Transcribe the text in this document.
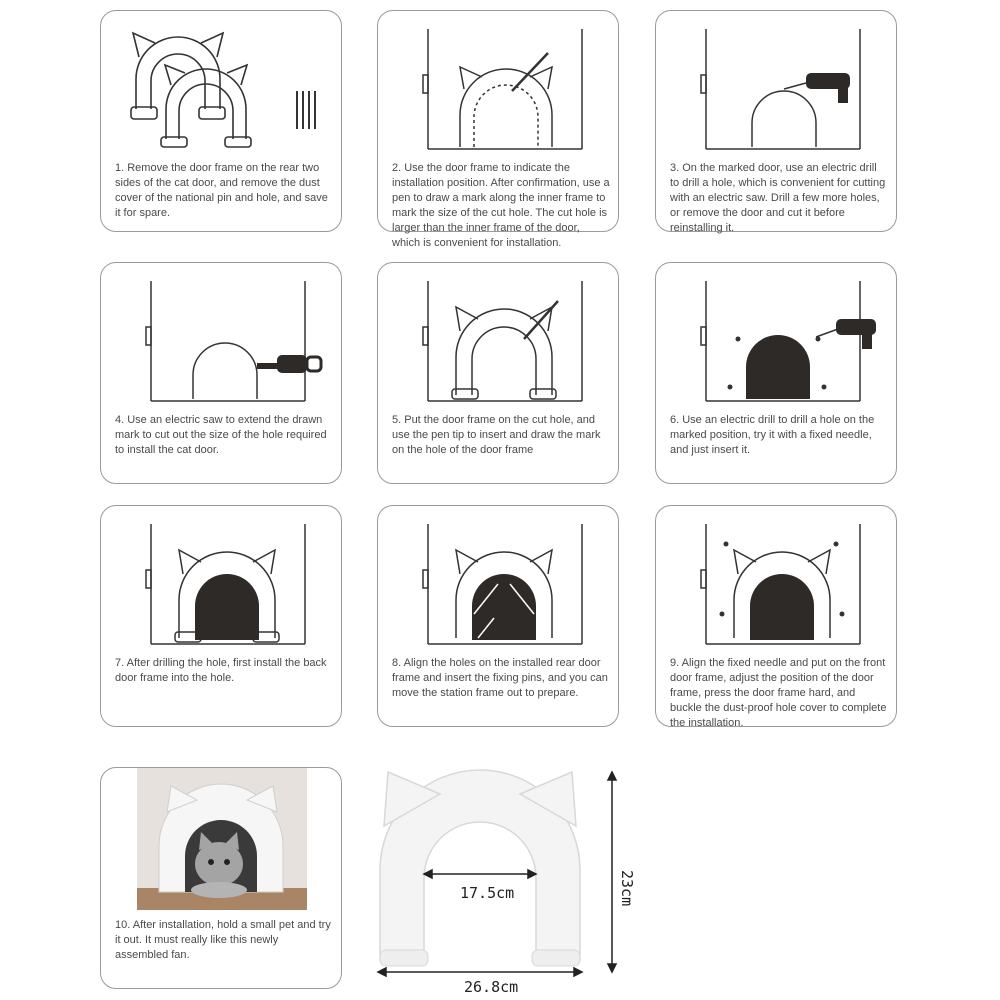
1. Remove the door frame on the rear two sides of the cat door, and remove the dust cover of the national pin and hole, and save it for spare.

2. Use the door frame to indicate the installation position. After confirmation, use a pen to draw a mark along the inner frame to mark the size of the cut hole. The cut hole is larger than the inner frame of the door, which is convenient for installation.

3. On the marked door, use an electric drill to drill a hole, which is convenient for cutting with an electric saw. Drill a few more holes, or remove the door and cut it before reinstalling it.

4. Use an electric saw to extend the drawn mark to cut out the size of the hole required to install the cat door.

5. Put the door frame on the cut hole, and use the pen tip to insert and draw the mark on the hole of the door frame

6. Use an electric drill to drill a hole on the marked position, try it with a fixed needle, and just insert it.

7. After drilling the hole, first install the back door frame into the hole.

8. Align the holes on the installed rear door frame and insert the fixing pins, and you can move the station frame out to prepare.

9. Align the fixed needle and put on the front door frame, adjust the position of the door frame, press the door frame hard, and buckle the dust-proof hole cover to complete the installation.

10. After installation, hold a small pet and try it out. It must really like this newly assembled fan.

17.5cm	23cm
26.8cm
